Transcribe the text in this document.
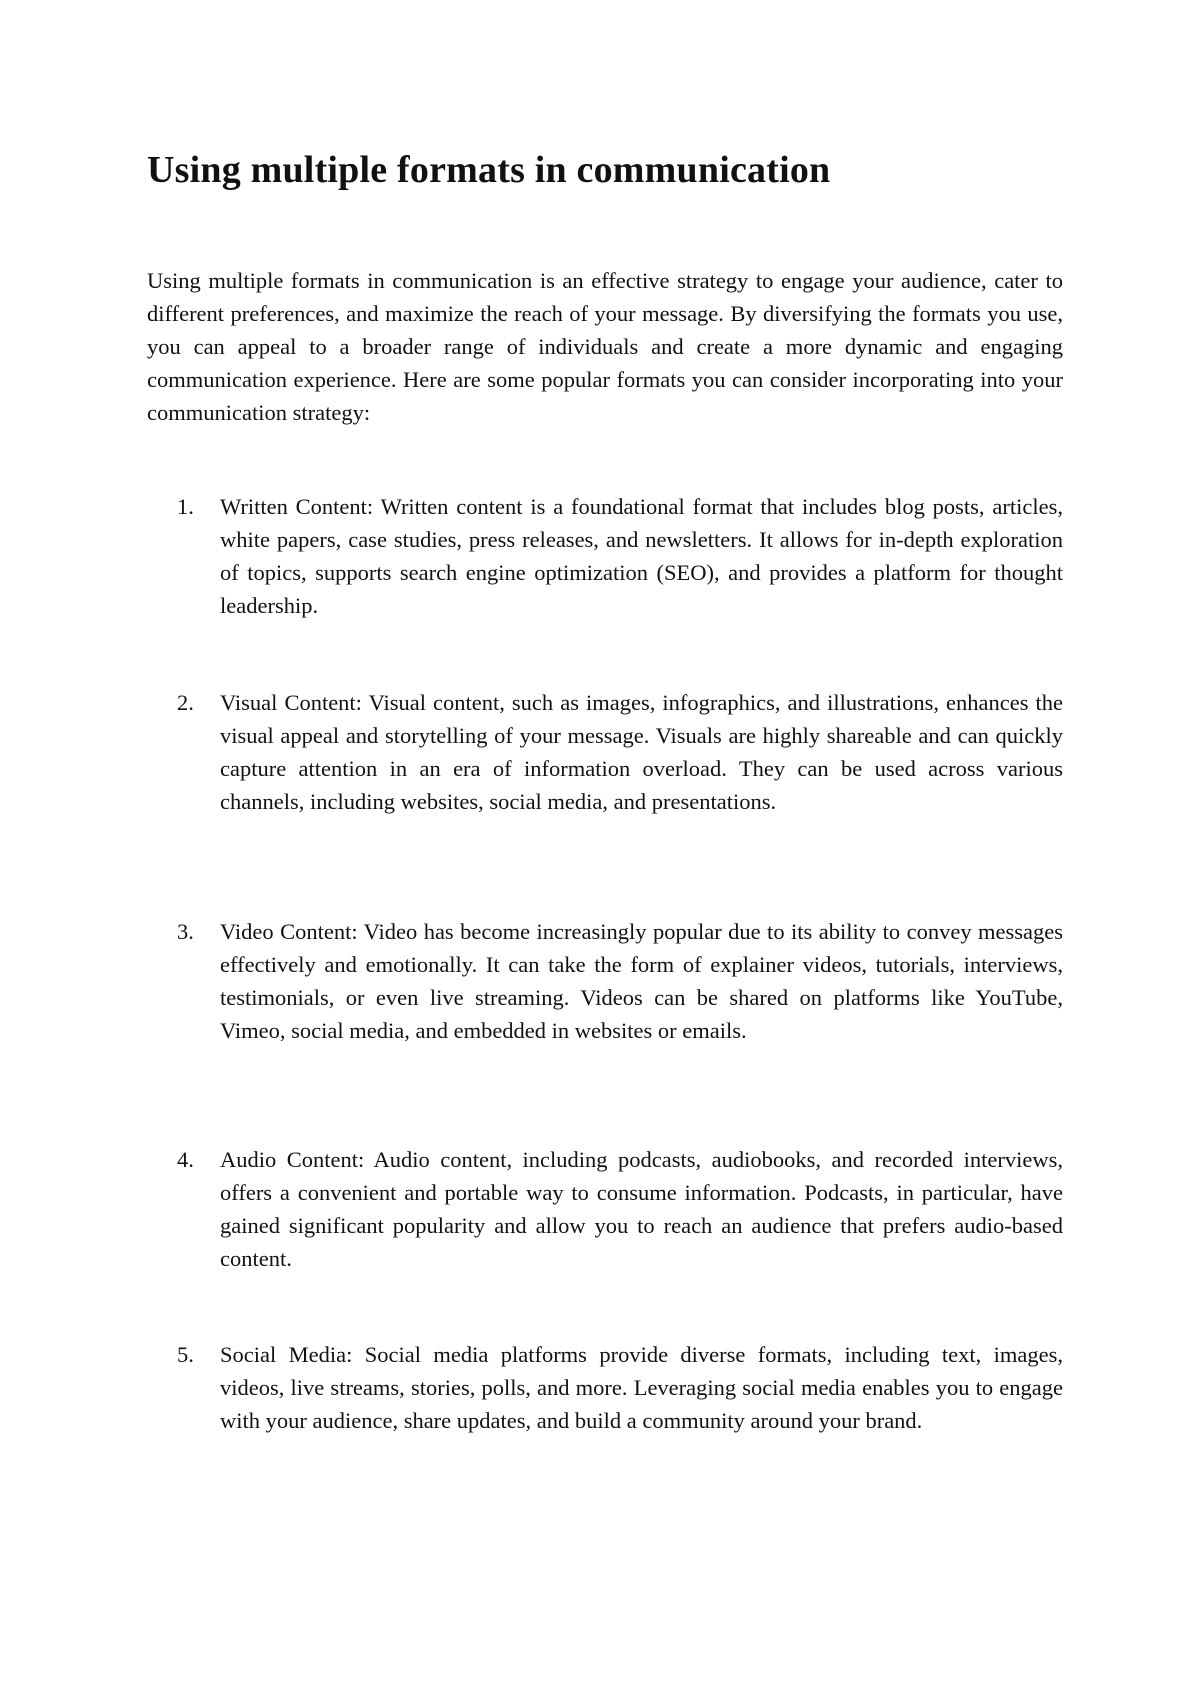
Using multiple formats in communication

Using multiple formats in communication is an effective strategy to engage your audience, cater to different preferences, and maximize the reach of your message. By diversifying the formats you use, you can appeal to a broader range of individuals and create a more dynamic and engaging communication experience. Here are some popular formats you can consider incorporating into your communication strategy:

1.	Written Content: Written content is a foundational format that includes blog posts, articles, white papers, case studies, press releases, and newsletters. It allows for in-depth exploration of topics, supports search engine optimization (SEO), and provides a platform for thought leadership.

2.	Visual Content: Visual content, such as images, infographics, and illustrations, enhances the visual appeal and storytelling of your message. Visuals are highly shareable and can quickly capture attention in an era of information overload. They can be used across various channels, including websites, social media, and presentations.

3.	Video Content: Video has become increasingly popular due to its ability to convey messages effectively and emotionally. It can take the form of explainer videos, tutorials, interviews, testimonials, or even live streaming. Videos can be shared on platforms like YouTube, Vimeo, social media, and embedded in websites or emails.

4.	Audio Content: Audio content, including podcasts, audiobooks, and recorded interviews, offers a convenient and portable way to consume information. Podcasts, in particular, have gained significant popularity and allow you to reach an audience that prefers audio-based content.

5.	Social Media: Social media platforms provide diverse formats, including text, images, videos, live streams, stories, polls, and more. Leveraging social media enables you to engage with your audience, share updates, and build a community around your brand.
